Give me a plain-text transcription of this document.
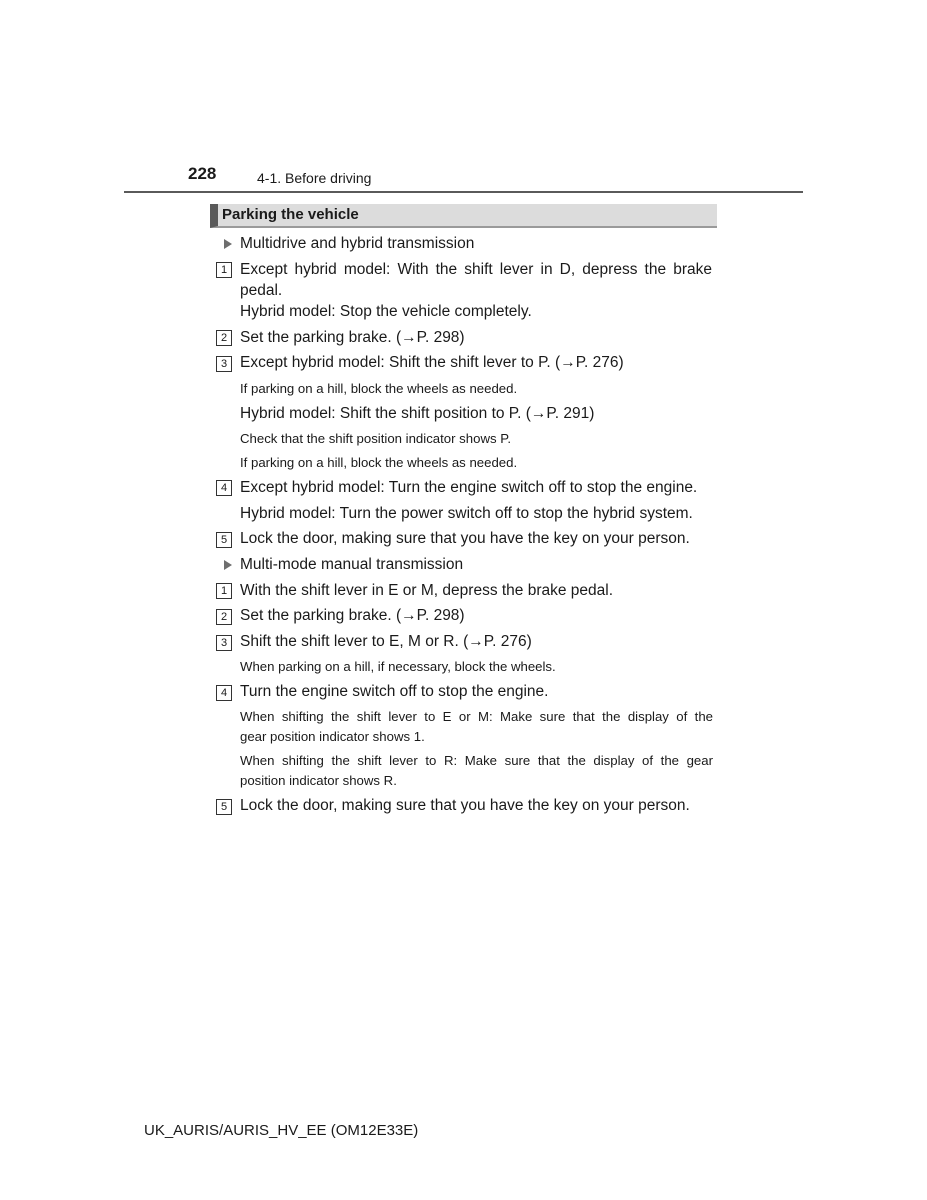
228	4-1. Before driving
Parking the vehicle
Multidrive and hybrid transmission
1 Except hybrid model: With the shift lever in D, depress the brake
pedal.
Hybrid model: Stop the vehicle completely.
2 Set the parking brake. (→P. 298)
3 Except hybrid model: Shift the shift lever to P. (→P. 276)
If parking on a hill, block the wheels as needed.
Hybrid model: Shift the shift position to P. (→P. 291)
Check that the shift position indicator shows P.
If parking on a hill, block the wheels as needed.
4 Except hybrid model: Turn the engine switch off to stop the engine.
Hybrid model: Turn the power switch off to stop the hybrid system.
5 Lock the door, making sure that you have the key on your person.
Multi-mode manual transmission
1 With the shift lever in E or M, depress the brake pedal.
2 Set the parking brake. (→P. 298)
3 Shift the shift lever to E, M or R. (→P. 276)
When parking on a hill, if necessary, block the wheels.
4 Turn the engine switch off to stop the engine.
When shifting the shift lever to E or M: Make sure that the display of the
gear position indicator shows 1.
When shifting the shift lever to R: Make sure that the display of the gear
position indicator shows R.
5 Lock the door, making sure that you have the key on your person.
UK_AURIS/AURIS_HV_EE (OM12E33E)
